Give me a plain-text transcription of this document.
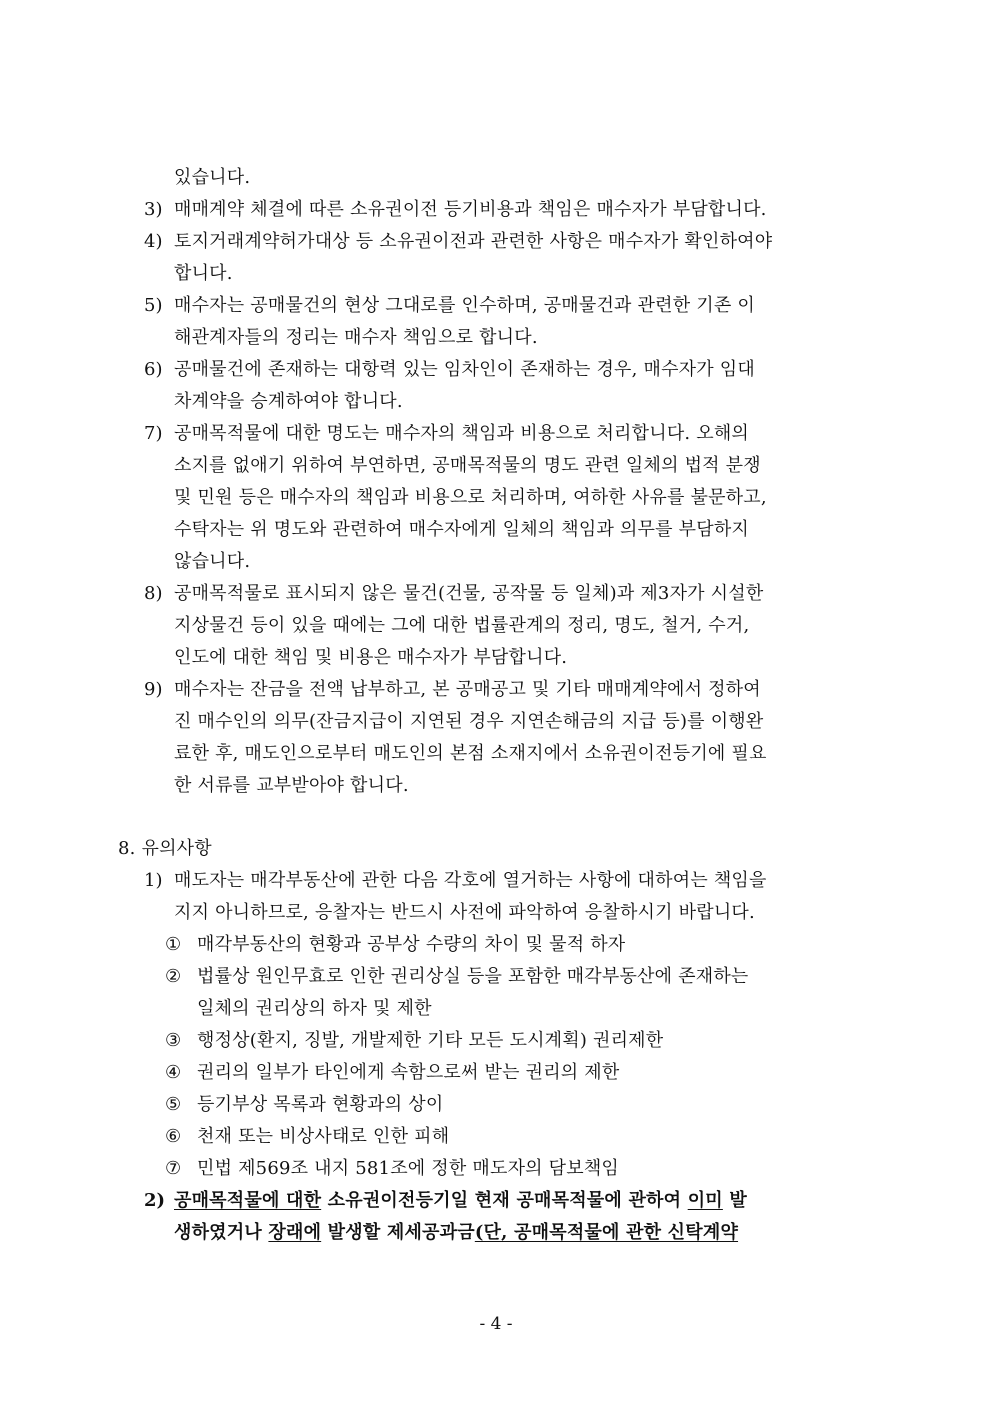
있습니다.
3) 매매계약 체결에 따른 소유권이전 등기비용과 책임은 매수자가 부담합니다.
4) 토지거래계약허가대상 등 소유권이전과 관련한 사항은 매수자가 확인하여야
합니다.
5) 매수자는 공매물건의 현상 그대로를 인수하며, 공매물건과 관련한 기존 이
해관계자들의 정리는 매수자 책임으로 합니다.
6) 공매물건에 존재하는 대항력 있는 임차인이 존재하는 경우, 매수자가 임대
차계약을 승계하여야 합니다.
7) 공매목적물에 대한 명도는 매수자의 책임과 비용으로 처리합니다. 오해의
소지를 없애기 위하여 부연하면, 공매목적물의 명도 관련 일체의 법적 분쟁
및 민원 등은 매수자의 책임과 비용으로 처리하며, 여하한 사유를 불문하고,
수탁자는 위 명도와 관련하여 매수자에게 일체의 책임과 의무를 부담하지
않습니다.
8) 공매목적물로 표시되지 않은 물건(건물, 공작물 등 일체)과 제3자가 시설한
지상물건 등이 있을 때에는 그에 대한 법률관계의 정리, 명도, 철거, 수거,
인도에 대한 책임 및 비용은 매수자가 부담합니다.
9) 매수자는 잔금을 전액 납부하고, 본 공매공고 및 기타 매매계약에서 정하여
진 매수인의 의무(잔금지급이 지연된 경우 지연손해금의 지급 등)를 이행완
료한 후, 매도인으로부터 매도인의 본점 소재지에서 소유권이전등기에 필요
한 서류를 교부받아야 합니다.
8. 유의사항
1) 매도자는 매각부동산에 관한 다음 각호에 열거하는 사항에 대하여는 책임을
지지 아니하므로, 응찰자는 반드시 사전에 파악하여 응찰하시기 바랍니다.
① 매각부동산의 현황과 공부상 수량의 차이 및 물적 하자
② 법률상 원인무효로 인한 권리상실 등을 포함한 매각부동산에 존재하는
일체의 권리상의 하자 및 제한
③ 행정상(환지, 징발, 개발제한 기타 모든 도시계획) 권리제한
④ 권리의 일부가 타인에게 속함으로써 받는 권리의 제한
⑤ 등기부상 목록과 현황과의 상이
⑥ 천재 또는 비상사태로 인한 피해
⑦ 민법 제569조 내지 581조에 정한 매도자의 담보책임
2) 공매목적물에 대한 소유권이전등기일 현재 공매목적물에 관하여 이미 발
생하였거나 장래에 발생할 제세공과금(단, 공매목적물에 관한 신탁계약
- 4 -
